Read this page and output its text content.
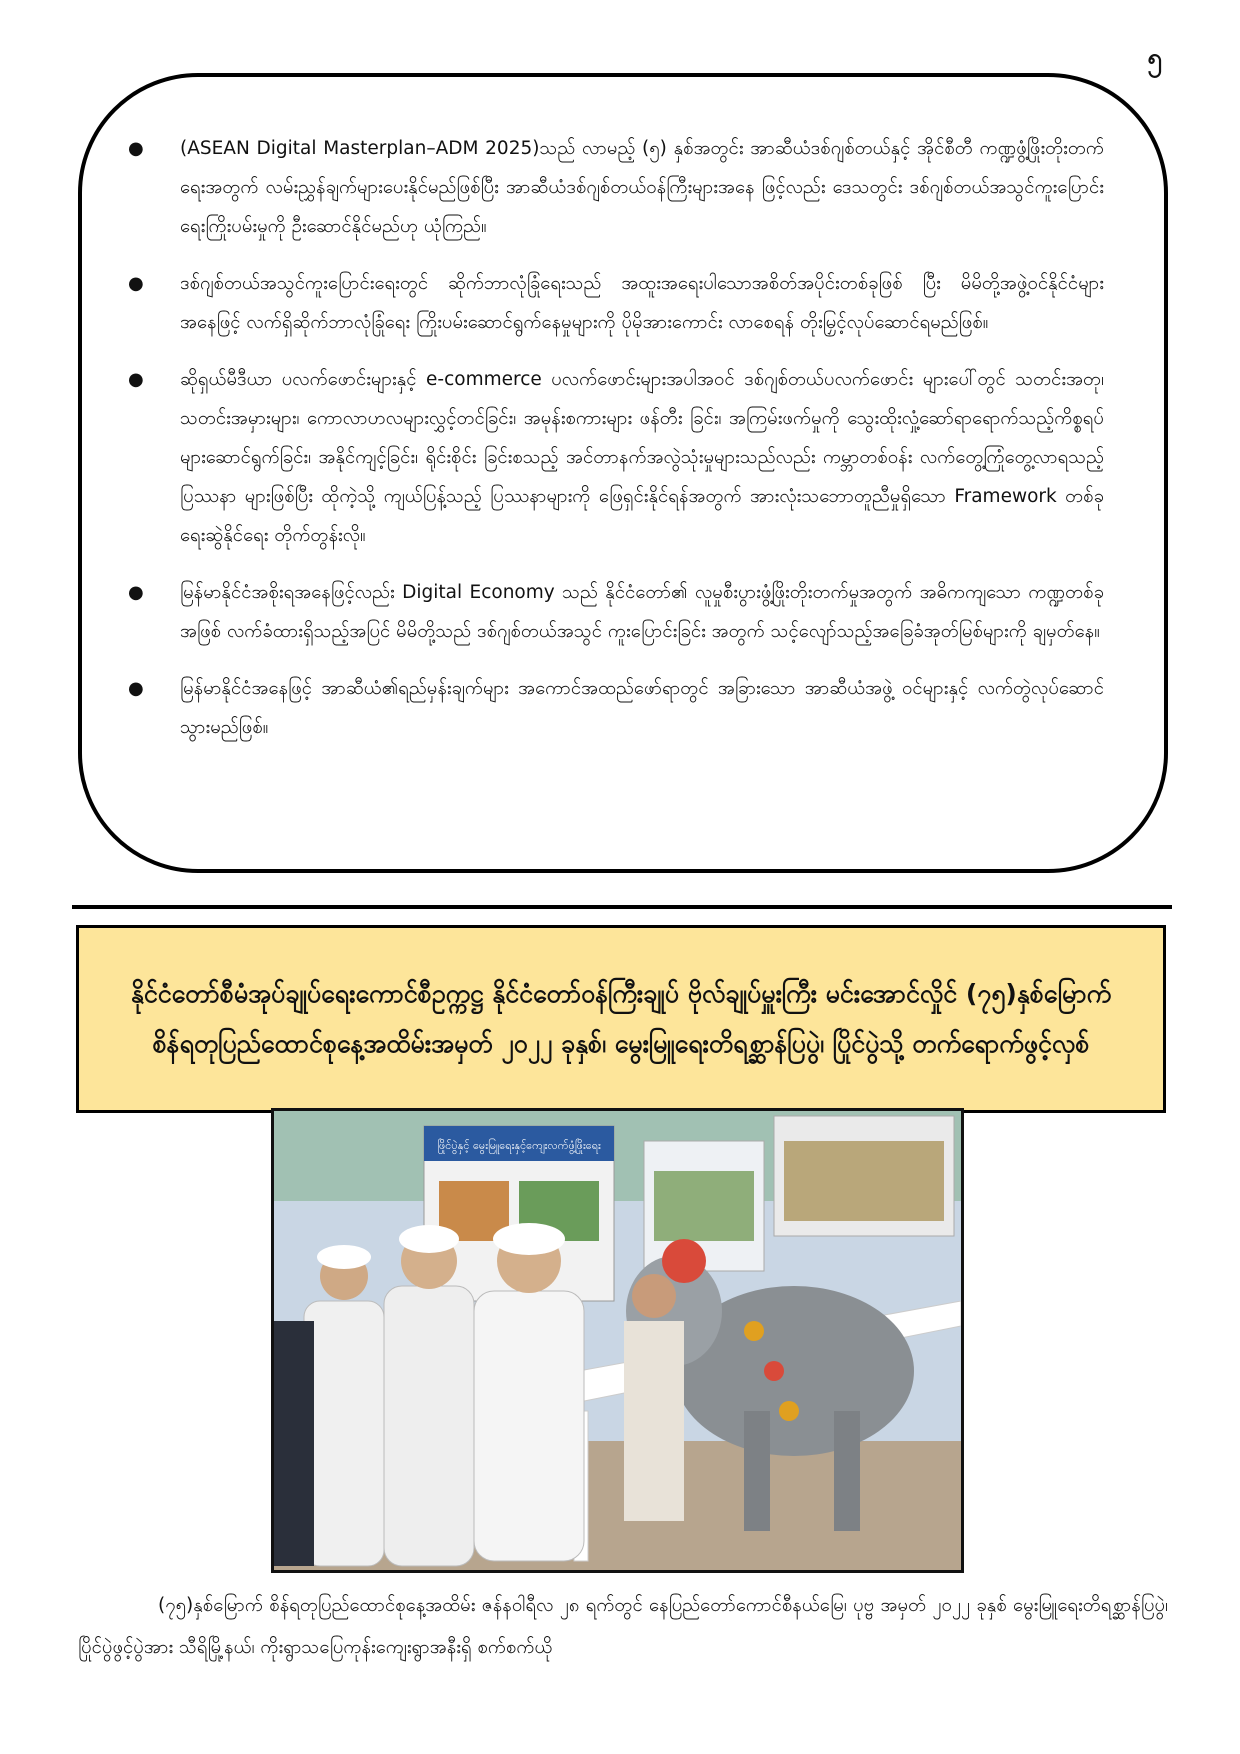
၅
● (ASEAN Digital Masterplan–ADM 2025)သည် လာမည့် (၅) နှစ်အတွင်း အာဆီယံဒစ်ဂျစ်တယ်နှင့် အိုင်စီတီ ကဏ္ဍဖွံ့ဖြိုးတိုးတက်ရေးအတွက် လမ်းညွှန်ချက်များပေးနိုင်မည်ဖြစ်ပြီး အာဆီယံဒစ်ဂျစ်တယ်ဝန်ကြီးများအနေ ဖြင့်လည်း ဒေသတွင်း ဒစ်ဂျစ်တယ်အသွင်ကူးပြောင်းရေးကြိုးပမ်းမှုကို ဦးဆောင်နိုင်မည်ဟု ယုံကြည်။
● ဒစ်ဂျစ်တယ်အသွင်ကူးပြောင်းရေးတွင် ဆိုက်ဘာလုံခြုံရေးသည် အထူးအရေးပါသောအစိတ်အပိုင်းတစ်ခုဖြစ် ပြီး မိမိတို့အဖွဲ့ဝင်နိုင်ငံများအနေဖြင့် လက်ရှိဆိုက်ဘာလုံခြုံရေး ကြိုးပမ်းဆောင်ရွက်နေမှုများကို ပိုမိုအားကောင်း လာစေရန် တိုးမြှင့်လုပ်ဆောင်ရမည်ဖြစ်။
● ဆိုရှယ်မီဒီယာ ပလက်ဖောင်းများနှင့် e-commerce ပလက်ဖောင်းများအပါအဝင် ဒစ်ဂျစ်တယ်ပလက်ဖောင်း များပေါ်တွင် သတင်းအတု၊ သတင်းအမှားများ၊ ကောလာဟလများလွှင့်တင်ခြင်း၊ အမုန်းစကားများ ဖန်တီး ခြင်း၊ အကြမ်းဖက်မှုကို သွေးထိုးလှုံ့ဆော်ရာရောက်သည့်ကိစ္စရပ်များဆောင်ရွက်ခြင်း၊ အနိုင်ကျင့်ခြင်း၊ ရိုင်းစိုင်း ခြင်းစသည့် အင်တာနက်အလွဲသုံးမှုများသည်လည်း ကမ္ဘာတစ်ဝန်း လက်တွေ့ကြုံတွေ့လာရသည့် ပြဿနာ များဖြစ်ပြီး ထိုကဲ့သို့ ကျယ်ပြန့်သည့် ပြဿနာများကို ဖြေရှင်းနိုင်ရန်အတွက် အားလုံးသဘောတူညီမှုရှိသော Framework တစ်ခုရေးဆွဲနိုင်ရေး တိုက်တွန်းလို။
● မြန်မာနိုင်ငံအစိုးရအနေဖြင့်လည်း Digital Economy သည် နိုင်ငံတော်၏ လူမှုစီးပွားဖွံ့ဖြိုးတိုးတက်မှုအတွက် အဓိကကျသော ကဏ္ဍတစ်ခုအဖြစ် လက်ခံထားရှိသည့်အပြင် မိမိတို့သည် ဒစ်ဂျစ်တယ်အသွင် ကူးပြောင်းခြင်း အတွက် သင့်လျော်သည့်အခြေခံအုတ်မြစ်များကို ချမှတ်နေ။
● မြန်မာနိုင်ငံအနေဖြင့် အာဆီယံ၏ရည်မှန်းချက်များ အကောင်အထည်ဖော်ရာတွင် အခြားသော အာဆီယံအဖွဲ့ ဝင်များနှင့် လက်တွဲလုပ်ဆောင်သွားမည်ဖြစ်။
နိုင်ငံတော်စီမံအုပ်ချုပ်ရေးကောင်စီဥက္ကဋ္ဌ နိုင်ငံတော်ဝန်ကြီးချုပ် ဗိုလ်ချုပ်မှူးကြီး မင်းအောင်လှိုင် (၇၅)နှစ်မြောက် စိန်ရတုပြည်ထောင်စုနေ့အထိမ်းအမှတ် ၂၀၂၂ ခုနှစ်၊ မွေးမြူရေးတိရစ္ဆာန်ပြပွဲ၊ ပြိုင်ပွဲသို့ တက်ရောက်ဖွင့်လှစ်
ဖြိုင်ပွဲနှင့် မွေးမြူရေးနှင့်ကျေးလက်ဖွံ့ဖြိုးရေး
(၇၅)နှစ်မြောက် စိန်ရတုပြည်ထောင်စုနေ့အထိမ်း ဇန်နဝါရီလ ၂၈ ရက်တွင် နေပြည်တော်ကောင်စီနယ်မြေ၊ ပုဗ္ဗ အမှတ် ၂၀၂၂ ခုနှစ် မွေးမြူရေးတိရစ္ဆာန်ပြပွဲ၊ ပြိုင်ပွဲဖွင့်ပွဲအား သီရိမြို့နယ်၊ ကိုးရွာသပြေကုန်းကျေးရွာအနီးရှိ စက်စက်ယို
